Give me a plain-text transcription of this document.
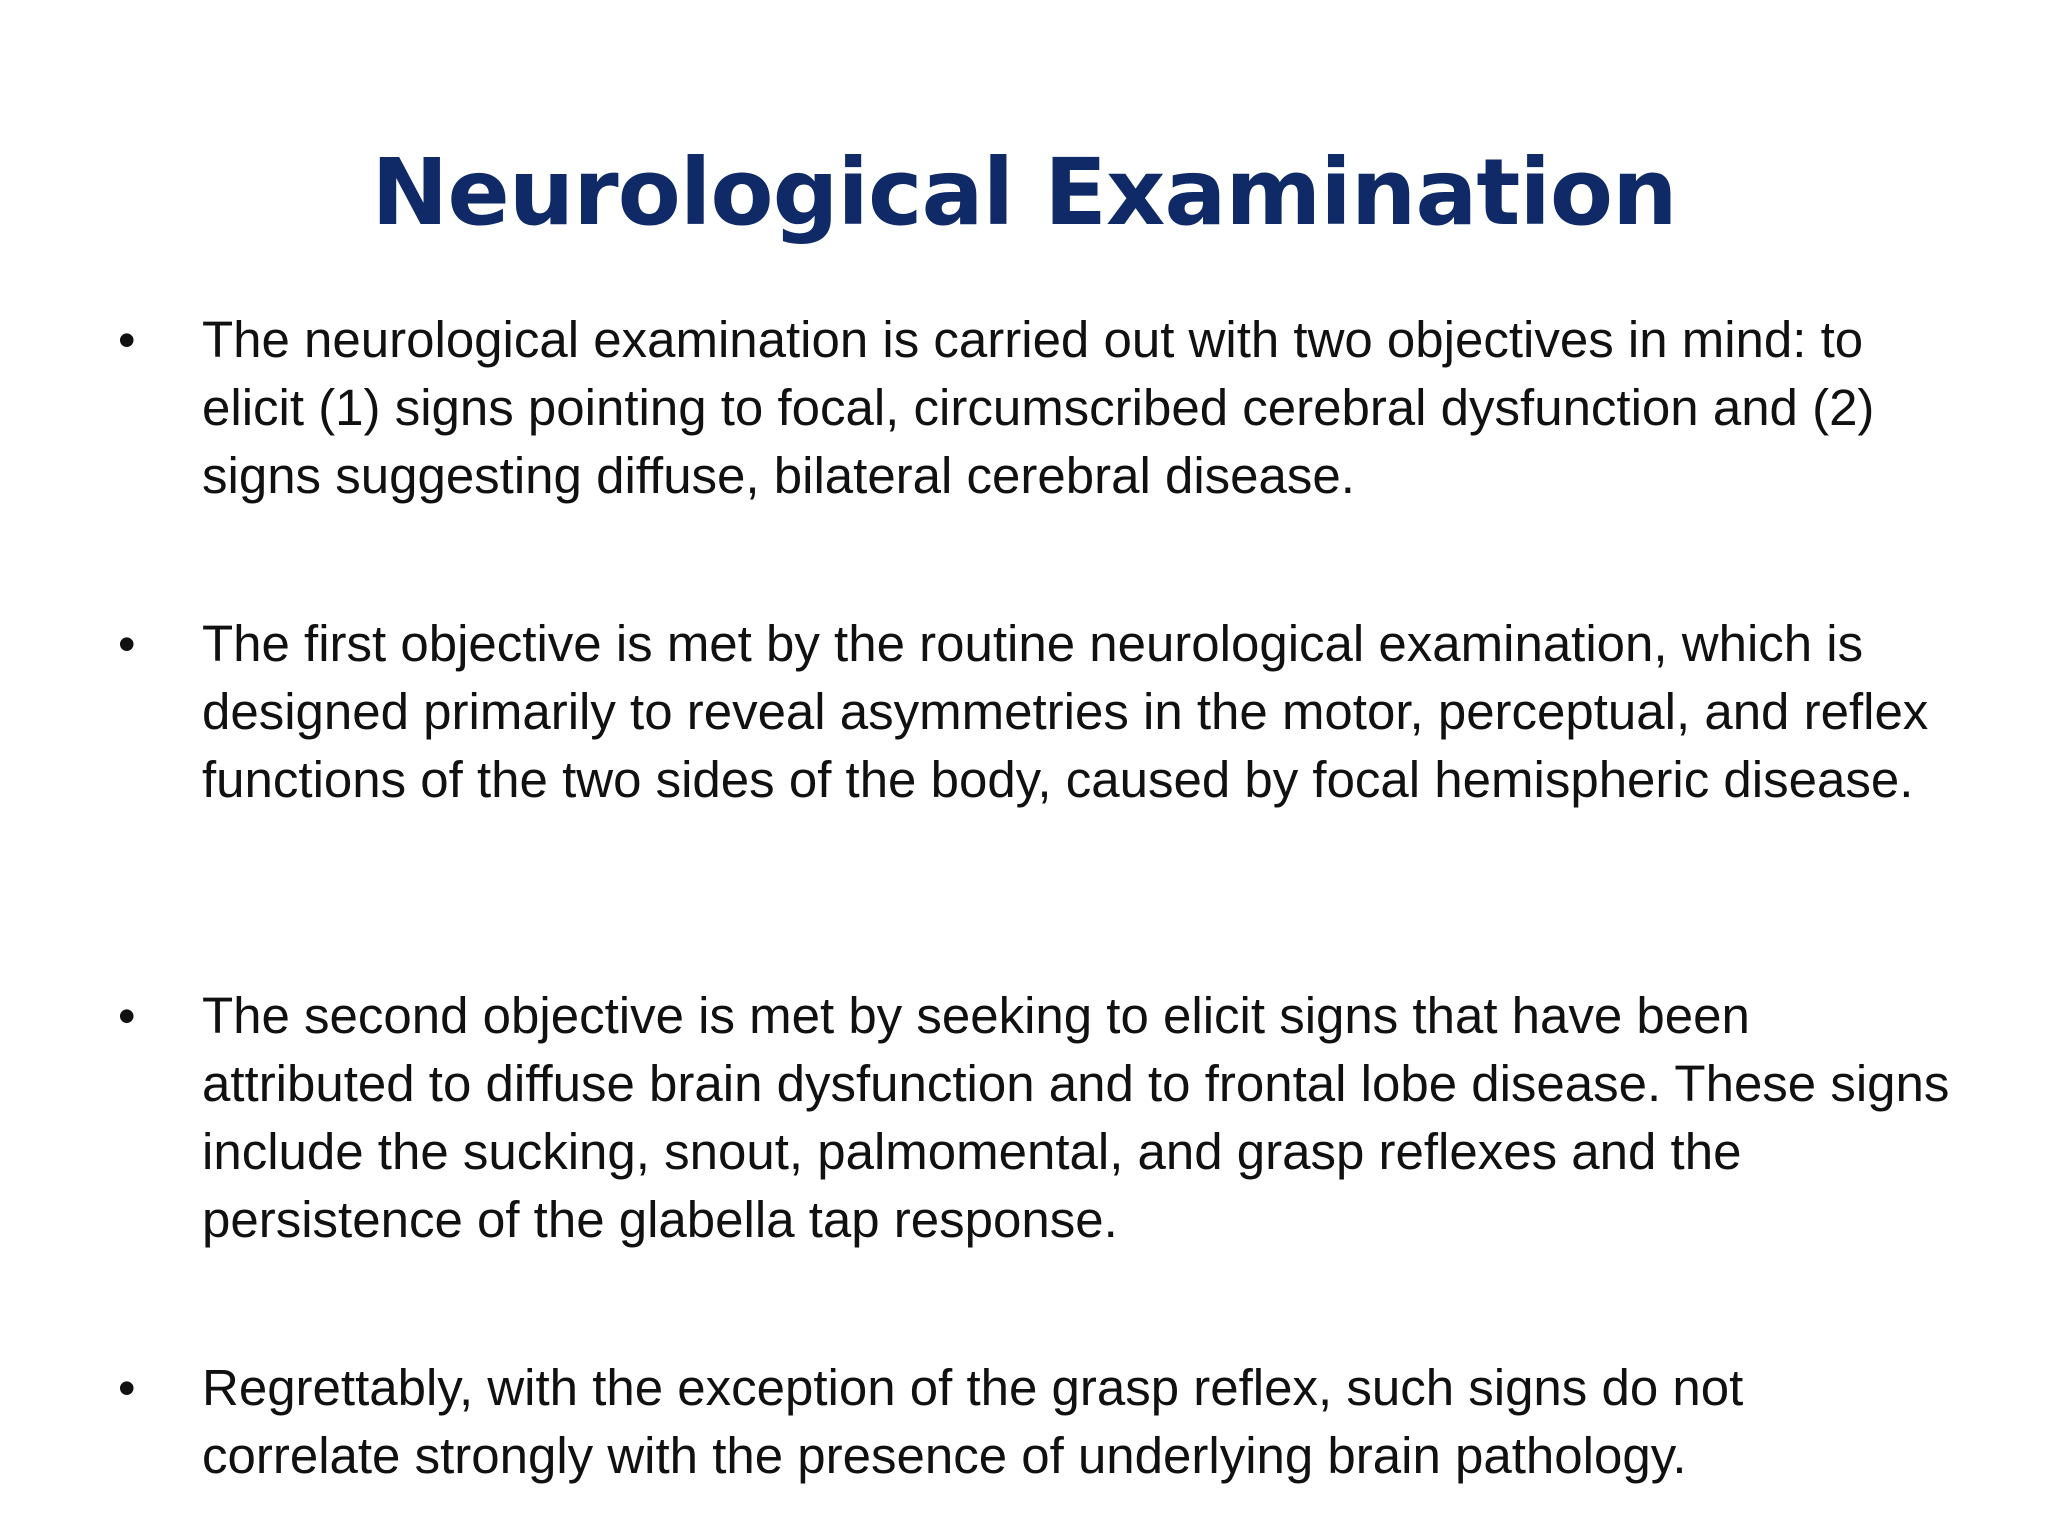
Neurological Examination
•	The neurological examination is carried out with two objectives in mind: to elicit (1) signs pointing to focal, circumscribed cerebral dysfunction and (2) signs suggesting diffuse, bilateral cerebral disease.

•	The first objective is met by the routine neurological examination, which is designed primarily to reveal asymmetries in the motor, perceptual, and reflex functions of the two sides of the body, caused by focal hemispheric disease.

•	The second objective is met by seeking to elicit signs that have been attributed to diffuse brain dysfunction and to frontal lobe disease. These signs include the sucking, snout, palmomental, and grasp reflexes and the persistence of the glabella tap response.

•	Regrettably, with the exception of the grasp reflex, such signs do not correlate strongly with the presence of underlying brain pathology.
